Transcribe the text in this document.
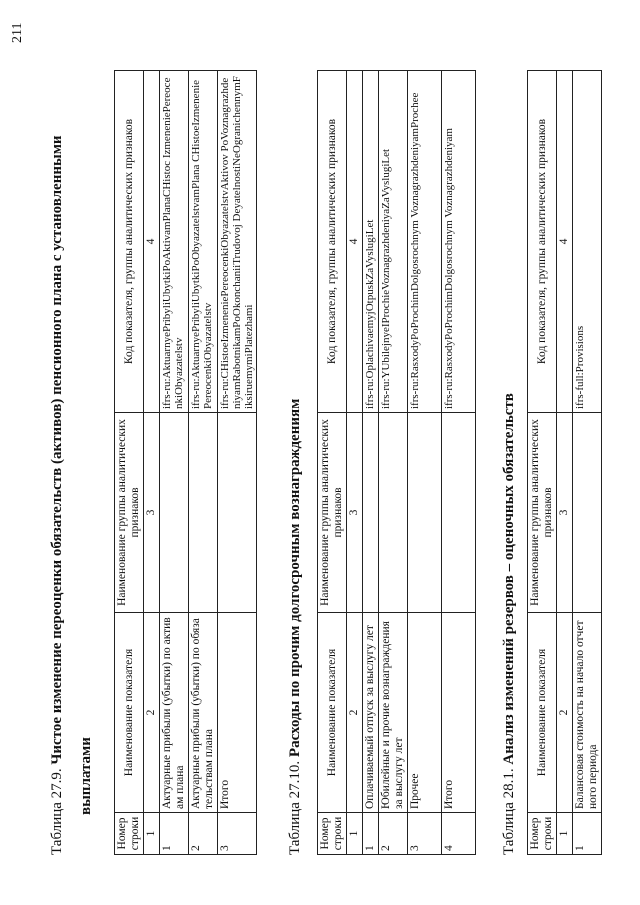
211
Таблица 27.9. Чистое изменение переоценки обязательств (активов) пенсионного плана с установленными
выплатами
Номер строки	Наименование показателя	Наименование группы аналитических признаков	Код показателя, группы аналитических признаков
1	2	3	4
1	Актуарные прибыли (убытки) по активам плана		ifrs-ru:AktuarnyePribyliUbytkiPoAktivamPlanaCHistoc IzmeneniePereocenkiObyazatelstv
2	Актуарные прибыли (убытки) по обязательствам плана		ifrs-ru:AktuarnyePribyliUbytkiPoObyazatelstvamPlana CHistoeIzmeneniePereocenkiObyazatelstv
3	Итого		ifrs-ru:CHistoeIzmeneniePereocenkiObyazatelstvAktivov PoVoznagrazhdeniyamRabotnikamPoOkonchaniiTrudovoj DeyatelnostiNeOgranichennymFiksiruemymiPlatezhami
Таблица 27.10. Расходы по прочим долгосрочным вознаграждениям
Номер строки	Наименование показателя	Наименование группы аналитических признаков	Код показателя, группы аналитических признаков
1	2	3	4
1	Оплачиваемый отпуск за выслугу лет		ifrs-ru:OplachivaemyjOtpuskZaVyslugiLet
2	Юбилейные и прочие вознаграждения за выслугу лет		ifrs-ru:YUbilejnyeIProchieVoznagrazhdeniyaZaVyslugiLet
3	Прочее		ifrs-ru:RasxodyPoProchimDolgosrochnym VoznagrazhdeniyamProchee
4	Итого		ifrs-ru:RasxodyPoProchimDolgosrochnym Voznagrazhdeniyam
Таблица 28.1. Анализ изменений резервов – оценочных обязательств
Номер строки	Наименование показателя	Наименование группы аналитических признаков	Код показателя, группы аналитических признаков
1	2	3	4
1	Балансовая стоимость на начало отчетного периода		ifrs-full:Provisions
